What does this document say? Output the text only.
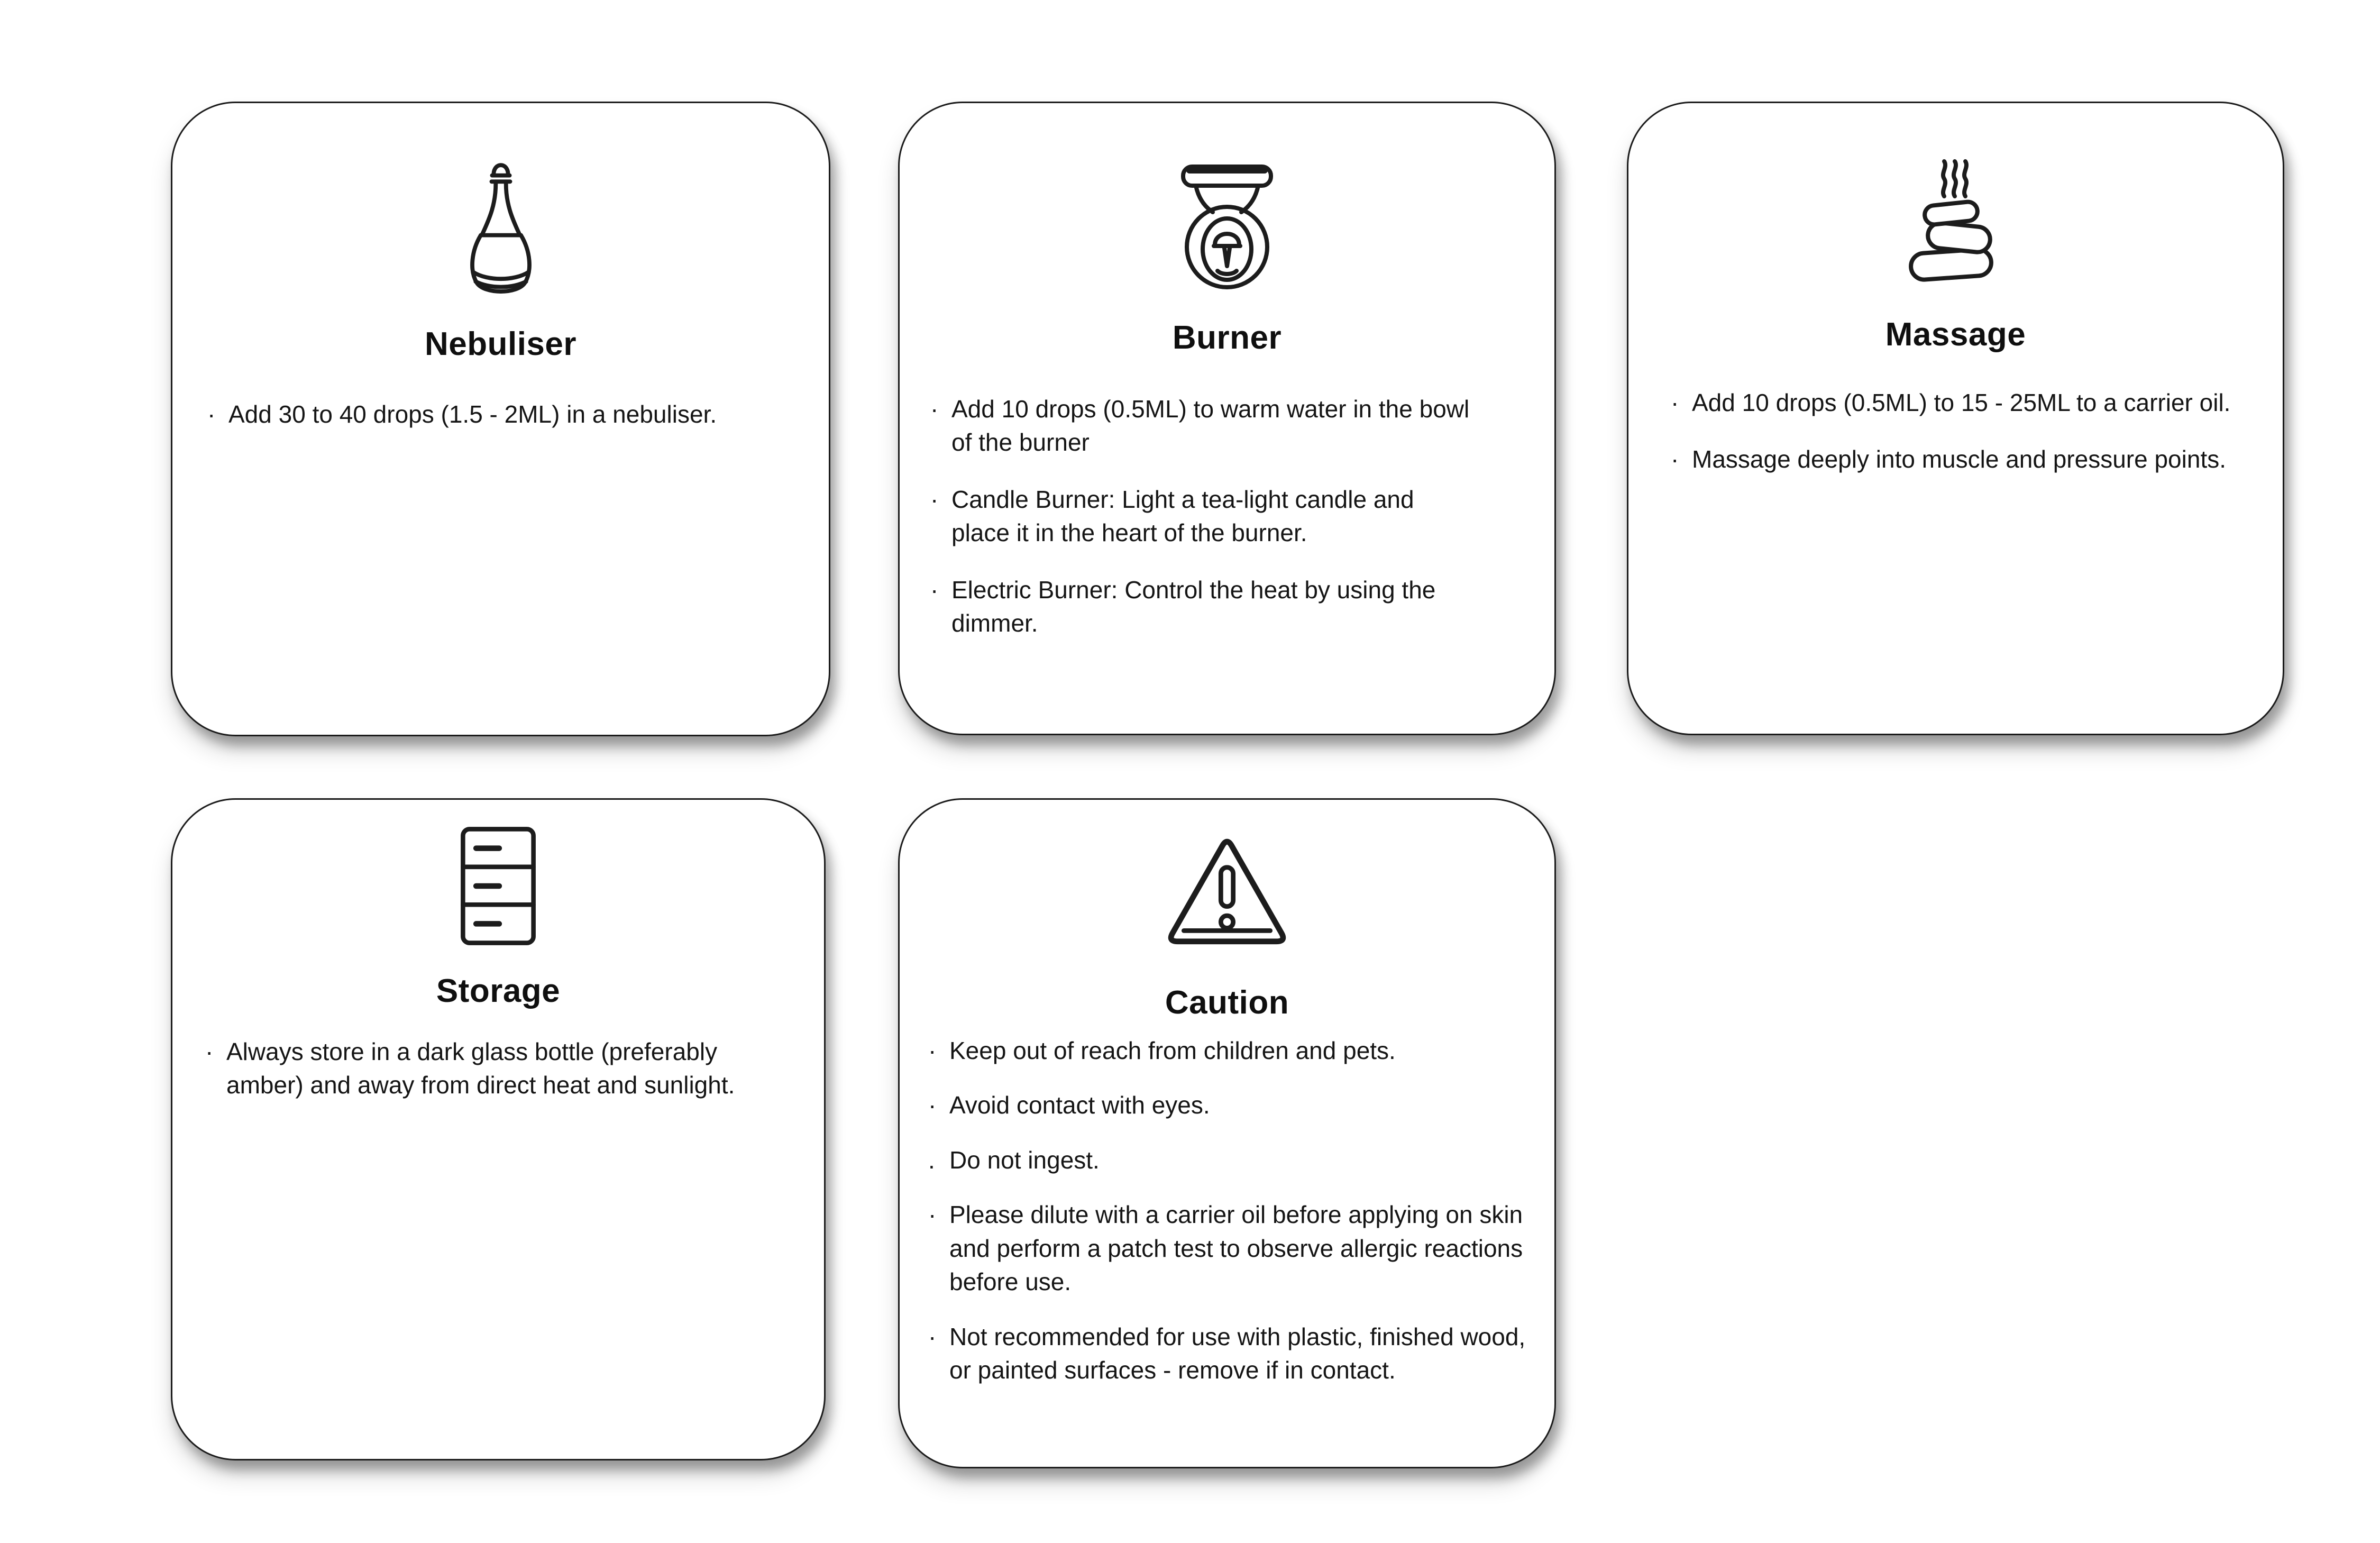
Nebuliser
· Add 30 to 40 drops (1.5 - 2ML) in a nebuliser.
Burner
· Add 10 drops (0.5ML) to warm water in the bowl of the burner
· Candle Burner: Light a tea-light candle and place it in the heart of the burner.
· Electric Burner: Control the heat by using the dimmer.
Massage
· Add 10 drops (0.5ML) to 15 - 25ML to a carrier oil.
· Massage deeply into muscle and pressure points.
Storage
· Always store in a dark glass bottle (preferably amber) and away from direct heat and sunlight.
Caution
· Keep out of reach from children and pets.
· Avoid contact with eyes.
. Do not ingest.
· Please dilute with a carrier oil before applying on skin and perform a patch test to observe allergic reactions before use.
· Not recommended for use with plastic, finished wood, or painted surfaces - remove if in contact.
